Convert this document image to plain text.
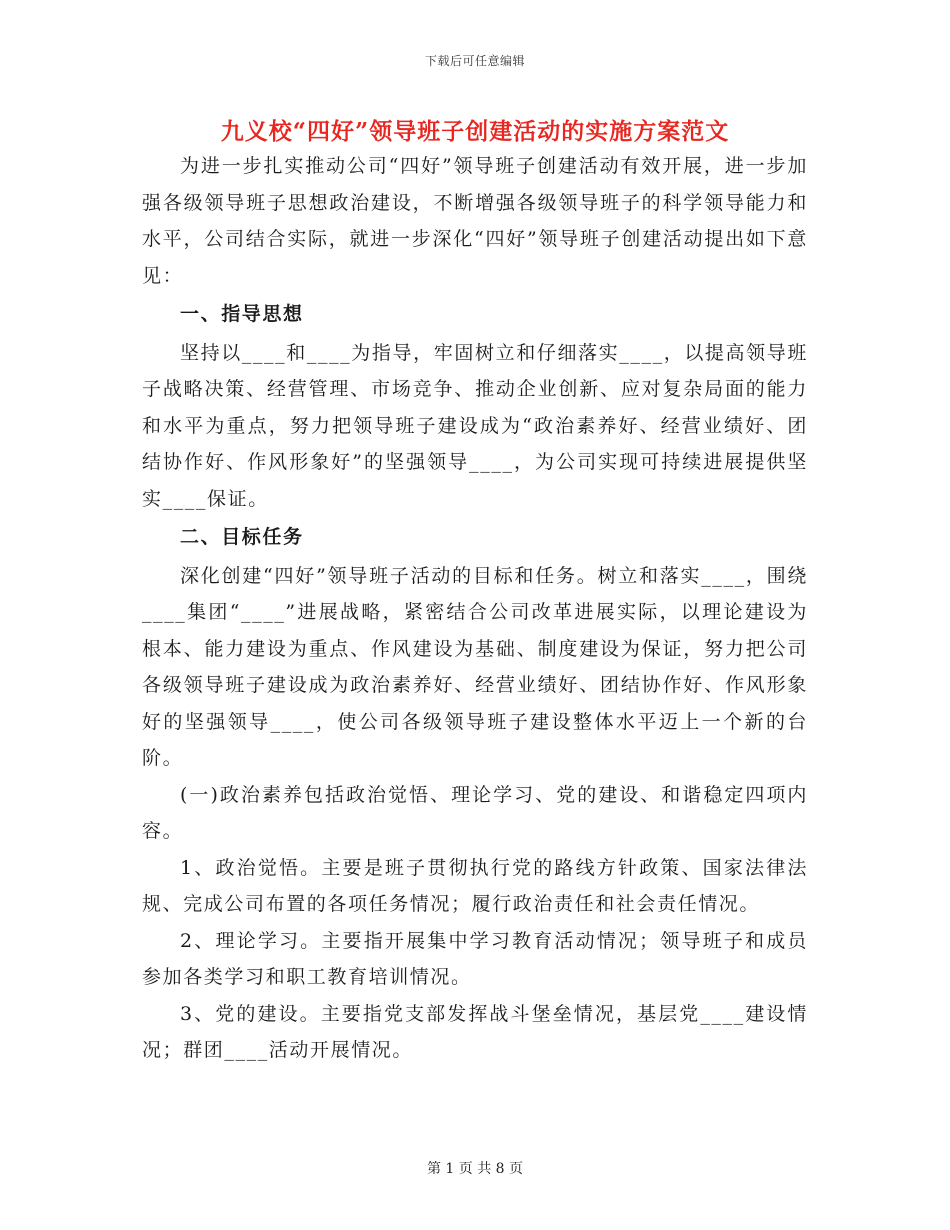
下载后可任意编辑
九义校“四好”领导班子创建活动的实施方案范文

为进一步扎实推动公司“四好”领导班子创建活动有效开展，进一步加强各级领导班子思想政治建设，不断增强各级领导班子的科学领导能力和水平，公司结合实际，就进一步深化“四好”领导班子创建活动提出如下意见：

一、指导思想

坚持以____和____为指导，牢固树立和仔细落实____，以提高领导班子战略决策、经营管理、市场竞争、推动企业创新、应对复杂局面的能力和水平为重点，努力把领导班子建设成为“政治素养好、经营业绩好、团结协作好、作风形象好”的坚强领导____，为公司实现可持续进展提供坚实____保证。

二、目标任务

深化创建“四好”领导班子活动的目标和任务。树立和落实____，围绕____集团“____”进展战略，紧密结合公司改革进展实际，以理论建设为根本、能力建设为重点、作风建设为基础、制度建设为保证，努力把公司各级领导班子建设成为政治素养好、经营业绩好、团结协作好、作风形象好的坚强领导____，使公司各级领导班子建设整体水平迈上一个新的台阶。

(一)政治素养包括政治觉悟、理论学习、党的建设、和谐稳定四项内容。

1、政治觉悟。主要是班子贯彻执行党的路线方针政策、国家法律法规、完成公司布置的各项任务情况；履行政治责任和社会责任情况。

2、理论学习。主要指开展集中学习教育活动情况；领导班子和成员参加各类学习和职工教育培训情况。

3、党的建设。主要指党支部发挥战斗堡垒情况，基层党____建设情况；群团____活动开展情况。

第 1 页 共 8 页
